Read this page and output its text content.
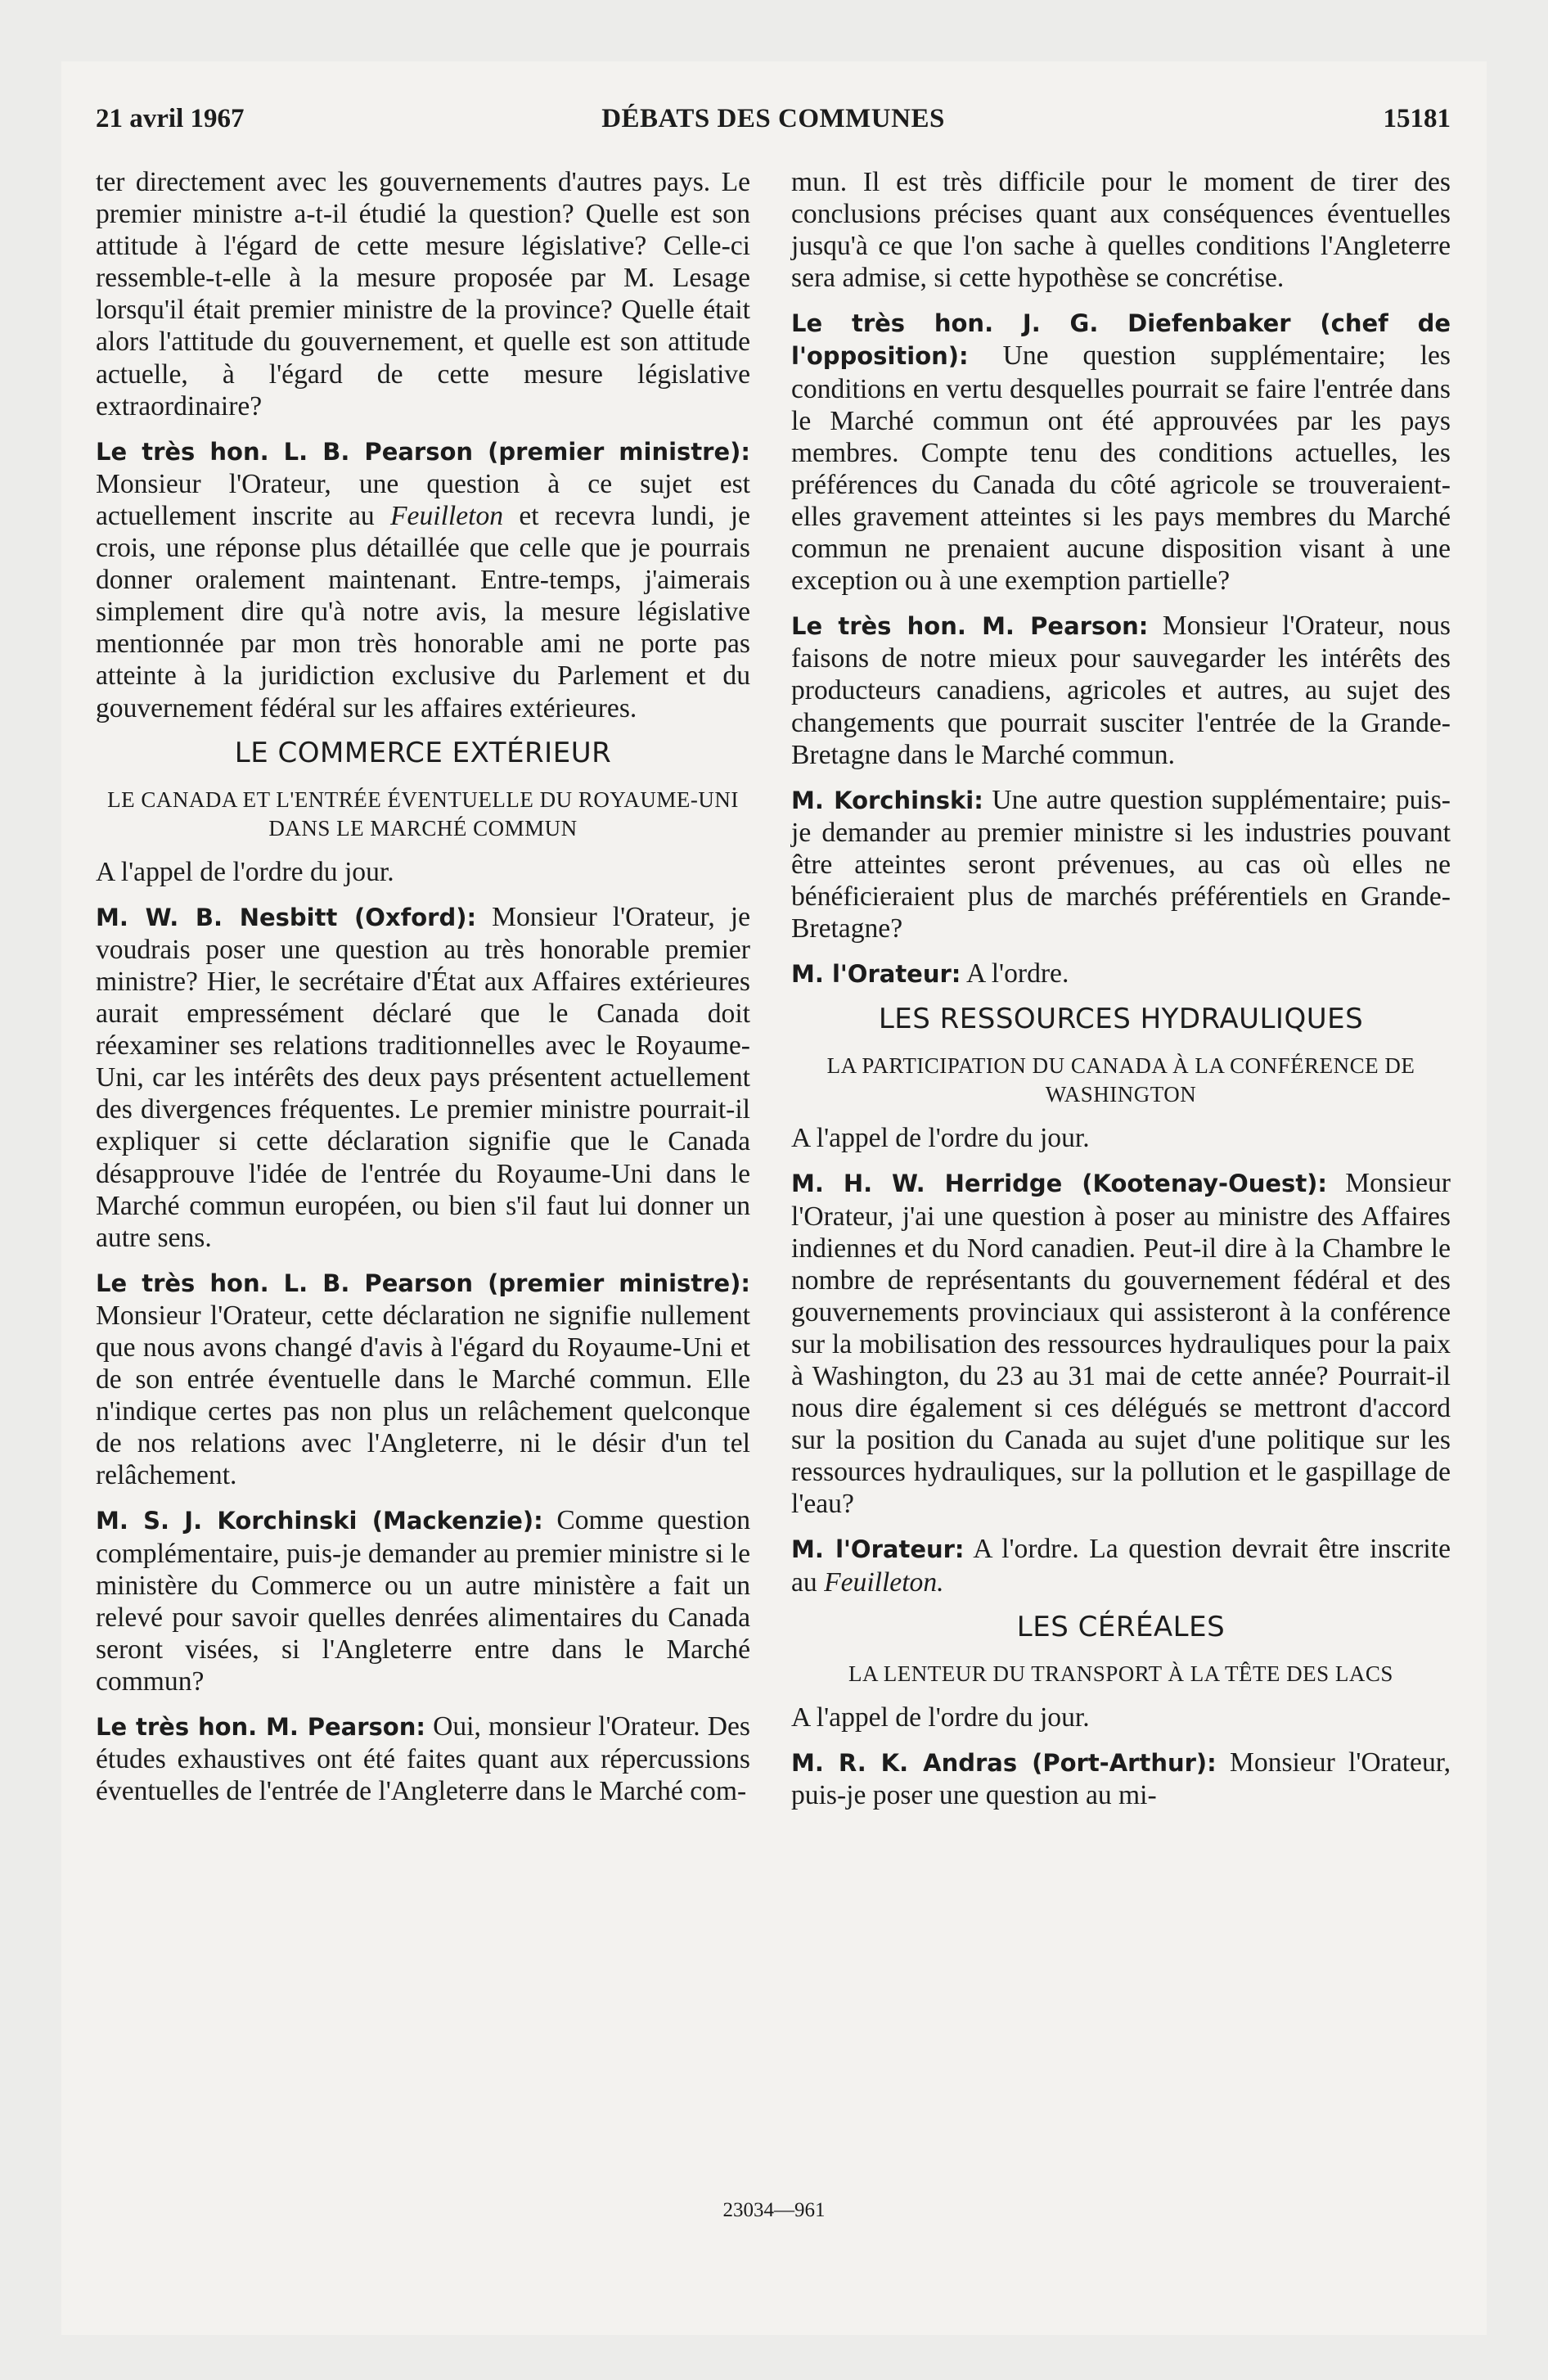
21 avril 1967	DÉBATS DES COMMUNES	15181

ter directement avec les gouvernements d'autres pays. Le premier ministre a-t-il étudié la question? Quelle est son attitude à l'égard de cette mesure législative? Celle-ci ressemble-t-elle à la mesure proposée par M. Lesage lorsqu'il était premier ministre de la province? Quelle était alors l'attitude du gouvernement, et quelle est son attitude actuelle, à l'égard de cette mesure législative extraordinaire?

Le très hon. L. B. Pearson (premier ministre): Monsieur l'Orateur, une question à ce sujet est actuellement inscrite au Feuilleton et recevra lundi, je crois, une réponse plus détaillée que celle que je pourrais donner oralement maintenant. Entre-temps, j'aimerais simplement dire qu'à notre avis, la mesure législative mentionnée par mon très honorable ami ne porte pas atteinte à la juridiction exclusive du Parlement et du gouvernement fédéral sur les affaires extérieures.

LE COMMERCE EXTÉRIEUR
LE CANADA ET L'ENTRÉE ÉVENTUELLE DU ROYAUME-UNI DANS LE MARCHÉ COMMUN

A l'appel de l'ordre du jour.

M. W. B. Nesbitt (Oxford): Monsieur l'Orateur, je voudrais poser une question au très honorable premier ministre? Hier, le secrétaire d'État aux Affaires extérieures aurait empressément déclaré que le Canada doit réexaminer ses relations traditionnelles avec le Royaume-Uni, car les intérêts des deux pays présentent actuellement des divergences fréquentes. Le premier ministre pourrait-il expliquer si cette déclaration signifie que le Canada désapprouve l'idée de l'entrée du Royaume-Uni dans le Marché commun européen, ou bien s'il faut lui donner un autre sens.

Le très hon. L. B. Pearson (premier ministre): Monsieur l'Orateur, cette déclaration ne signifie nullement que nous avons changé d'avis à l'égard du Royaume-Uni et de son entrée éventuelle dans le Marché commun. Elle n'indique certes pas non plus un relâchement quelconque de nos relations avec l'Angleterre, ni le désir d'un tel relâchement.

M. S. J. Korchinski (Mackenzie): Comme question complémentaire, puis-je demander au premier ministre si le ministère du Commerce ou un autre ministère a fait un relevé pour savoir quelles denrées alimentaires du Canada seront visées, si l'Angleterre entre dans le Marché commun?

Le très hon. M. Pearson: Oui, monsieur l'Orateur. Des études exhaustives ont été faites quant aux répercussions éventuelles de l'entrée de l'Angleterre dans le Marché com-

mun. Il est très difficile pour le moment de tirer des conclusions précises quant aux conséquences éventuelles jusqu'à ce que l'on sache à quelles conditions l'Angleterre sera admise, si cette hypothèse se concrétise.

Le très hon. J. G. Diefenbaker (chef de l'opposition): Une question supplémentaire; les conditions en vertu desquelles pourrait se faire l'entrée dans le Marché commun ont été approuvées par les pays membres. Compte tenu des conditions actuelles, les préférences du Canada du côté agricole se trouveraient-elles gravement atteintes si les pays membres du Marché commun ne prenaient aucune disposition visant à une exception ou à une exemption partielle?

Le très hon. M. Pearson: Monsieur l'Orateur, nous faisons de notre mieux pour sauvegarder les intérêts des producteurs canadiens, agricoles et autres, au sujet des changements que pourrait susciter l'entrée de la Grande-Bretagne dans le Marché commun.

M. Korchinski: Une autre question supplémentaire; puis-je demander au premier ministre si les industries pouvant être atteintes seront prévenues, au cas où elles ne bénéficieraient plus de marchés préférentiels en Grande-Bretagne?

M. l'Orateur: A l'ordre.

LES RESSOURCES HYDRAULIQUES
LA PARTICIPATION DU CANADA À LA CONFÉRENCE DE WASHINGTON

A l'appel de l'ordre du jour.

M. H. W. Herridge (Kootenay-Ouest): Monsieur l'Orateur, j'ai une question à poser au ministre des Affaires indiennes et du Nord canadien. Peut-il dire à la Chambre le nombre de représentants du gouvernement fédéral et des gouvernements provinciaux qui assisteront à la conférence sur la mobilisation des ressources hydrauliques pour la paix à Washington, du 23 au 31 mai de cette année? Pourrait-il nous dire également si ces délégués se mettront d'accord sur la position du Canada au sujet d'une politique sur les ressources hydrauliques, sur la pollution et le gaspillage de l'eau?

M. l'Orateur: A l'ordre. La question devrait être inscrite au Feuilleton.

LES CÉRÉALES
LA LENTEUR DU TRANSPORT À LA TÊTE DES LACS

A l'appel de l'ordre du jour.

M. R. K. Andras (Port-Arthur): Monsieur l'Orateur, puis-je poser une question au mi-

23034—961
